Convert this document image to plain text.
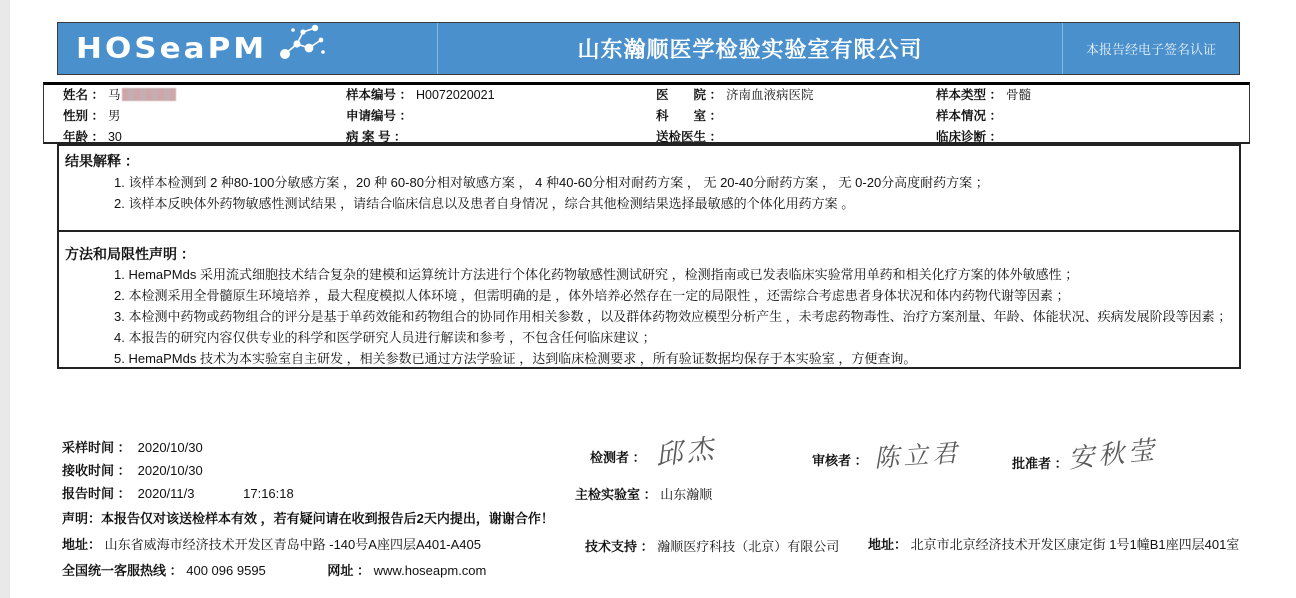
HOSeaPM	山东瀚顺医学检验实验室有限公司	本报告经电子签名认证
姓名 ： 马
性别 ： 男
年龄 ： 30
样本编号 ： H0072020021
申请编号 ：
病 案 号 ：
医　　院 ： 济南血液病医院
科　　室 ：
送检医生 ：
样本类型 ： 骨髓
样本情况 ：
临床诊断 ：
结果解释 ：
1. 该样本检测到 2 种80-100分敏感方案 ，20 种 60-80分相对敏感方案 ， 4 种40-60分相对耐药方案 ， 无 20-40分耐药方案 ， 无 0-20分高度耐药方案 ；
2. 该样本反映体外药物敏感性测试结果 ，请结合临床信息以及患者自身情况 ，综合其他检测结果选择最敏感的个体化用药方案 。
方法和局限性声明 ：
1. HemaPMds 采用流式细胞技术结合复杂的建模和运算统计方法进行个体化药物敏感性测试研究 ，检测指南或已发表临床实验常用单药和相关化疗方案的体外敏感性 ；
2. 本检测采用全骨髓原生环境培养 ，最大程度模拟人体环境 ，但需明确的是 ，体外培养必然存在一定的局限性 ，还需综合考虑患者身体状况和体内药物代谢等因素 ；
3. 本检测中药物或药物组合的评分是基于单药效能和药物组合的协同作用相关参数 ，以及群体药物效应模型分析产生 ，未考虑药物毒性、治疗方案剂量、年龄、体能状况、疾病发展阶段等因素 ；
4. 本报告的研究内容仅供专业的科学和医学研究人员进行解读和参考 ，不包含任何临床建议 ；
5. HemaPMds 技术为本实验室自主研发 ，相关参数已通过方法学验证 ，达到临床检测要求 ，所有验证数据均保存于本实验室 ，方便查询。
采样时间 ： 2020/10/30
接收时间 ： 2020/10/30
报告时间 ： 2020/11/3	17:16:18
声明：本报告仅对该送检样本有效 ，若有疑问请在收到报告后2天内提出，谢谢合作！
地址： 山东省威海市经济技术开发区青岛中路 -140号A座四层A401-A405
全国统一客服热线 ： 400 096 9595	网址 ： www.hoseapm.com
检测者 ： 邱杰	审核者 ： 陈立君	批准者 ： 安秋莹
主检实验室 ： 山东瀚顺
技术支持 ： 瀚顺医疗科技（北京）有限公司 地址： 北京市北京经济技术开发区康定街 1号1幢B1座四层401室
